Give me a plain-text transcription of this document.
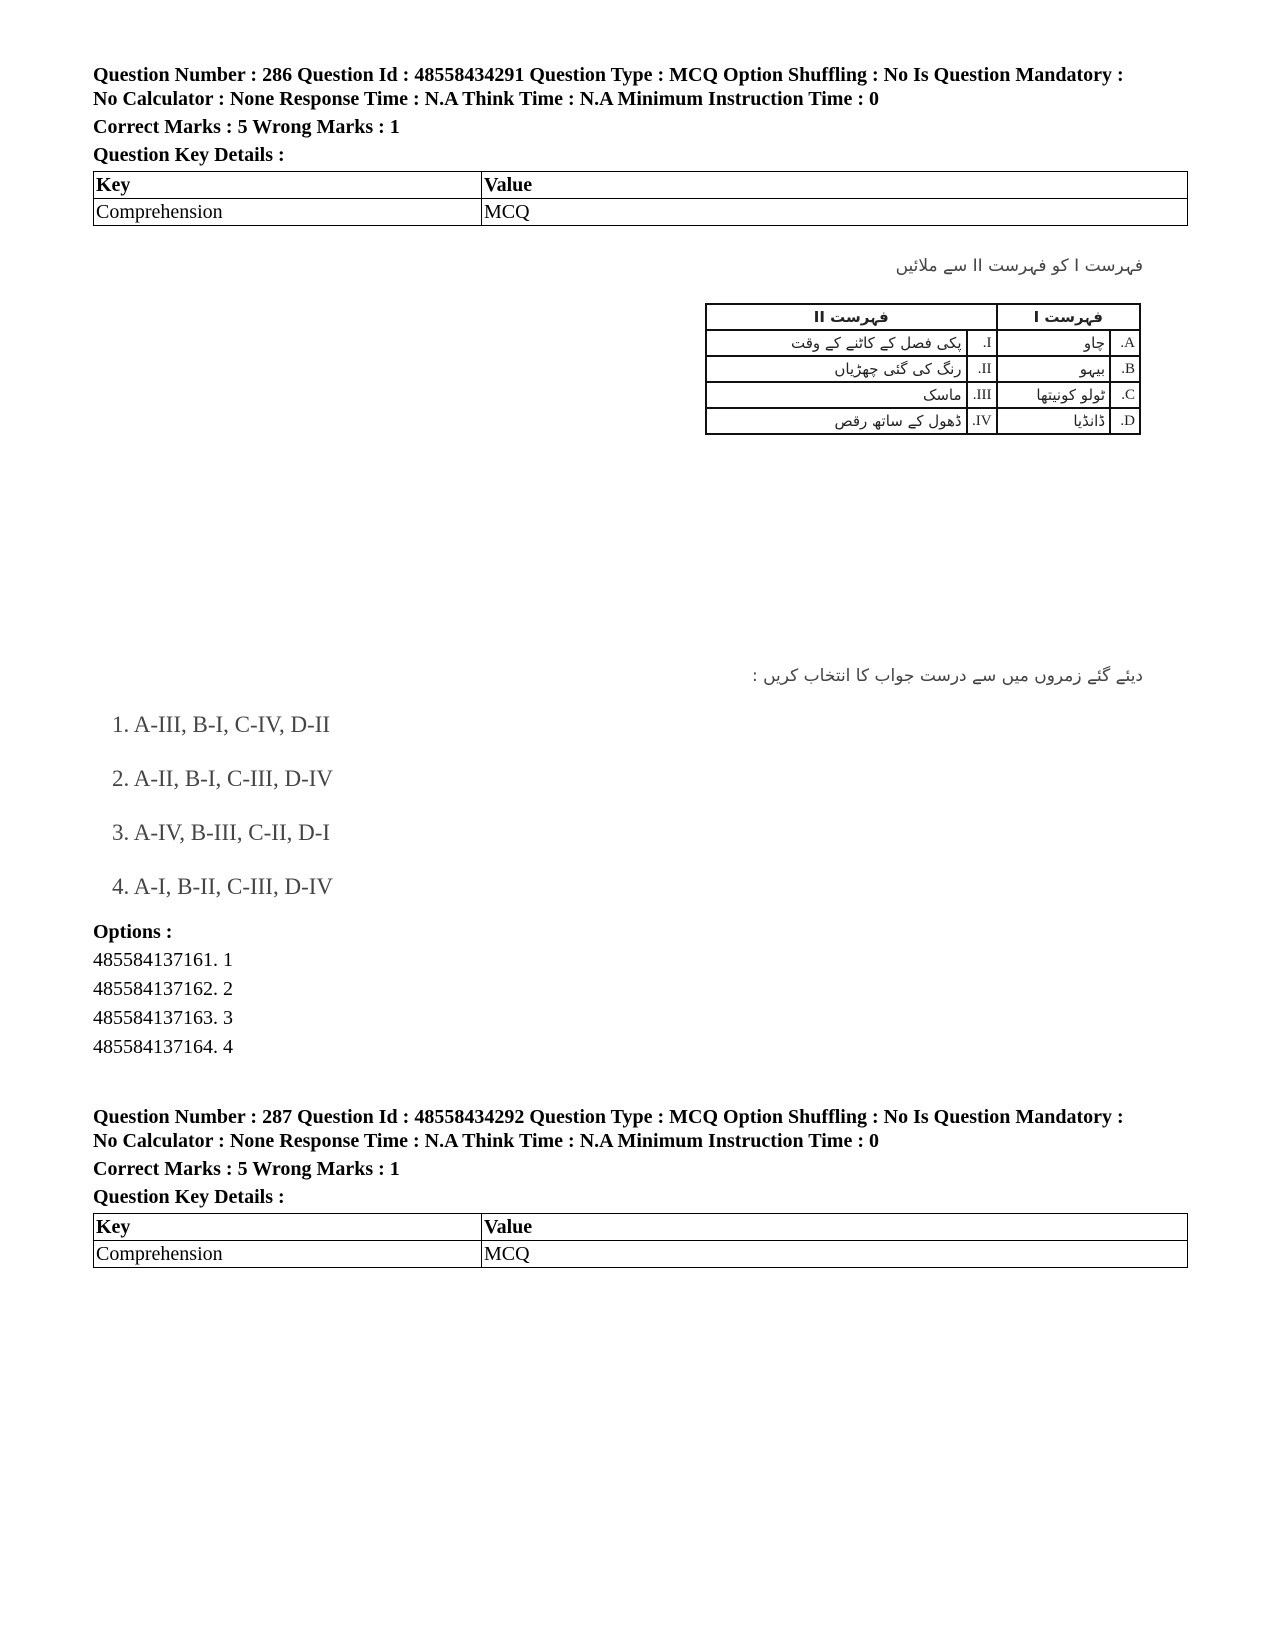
Question Number : 286 Question Id : 48558434291 Question Type : MCQ Option Shuffling : No Is Question Mandatory :
No Calculator : None Response Time : N.A Think Time : N.A Minimum Instruction Time : 0

Correct Marks : 5 Wrong Marks : 1
Question Key Details :
Key	Value
Comprehension	MCQ
فہرست I کو فہرست II سے ملائیں
فہرست I		فہرست II	
A.	چاو	I.	پکی فصل کے کاٹنے کے وقت
B.	بیہو	II.	رنگ کی گئی چھڑیاں
C.	ٹولو کونیتھا	III.	ماسک
D.	ڈانڈیا	IV.	ڈھول کے ساتھ رقص
دیئے گئے زمروں میں سے درست جواب کا انتخاب کریں :
1. A-III, B-I, C-IV, D-II
2. A-II, B-I, C-III, D-IV
3. A-IV, B-III, C-II, D-I
4. A-I, B-II, C-III, D-IV
Options :
485584137161. 1
485584137162. 2
485584137163. 3
485584137164. 4

Question Number : 287 Question Id : 48558434292 Question Type : MCQ Option Shuffling : No Is Question Mandatory :
No Calculator : None Response Time : N.A Think Time : N.A Minimum Instruction Time : 0

Correct Marks : 5 Wrong Marks : 1
Question Key Details :
Key	Value
Comprehension	MCQ
